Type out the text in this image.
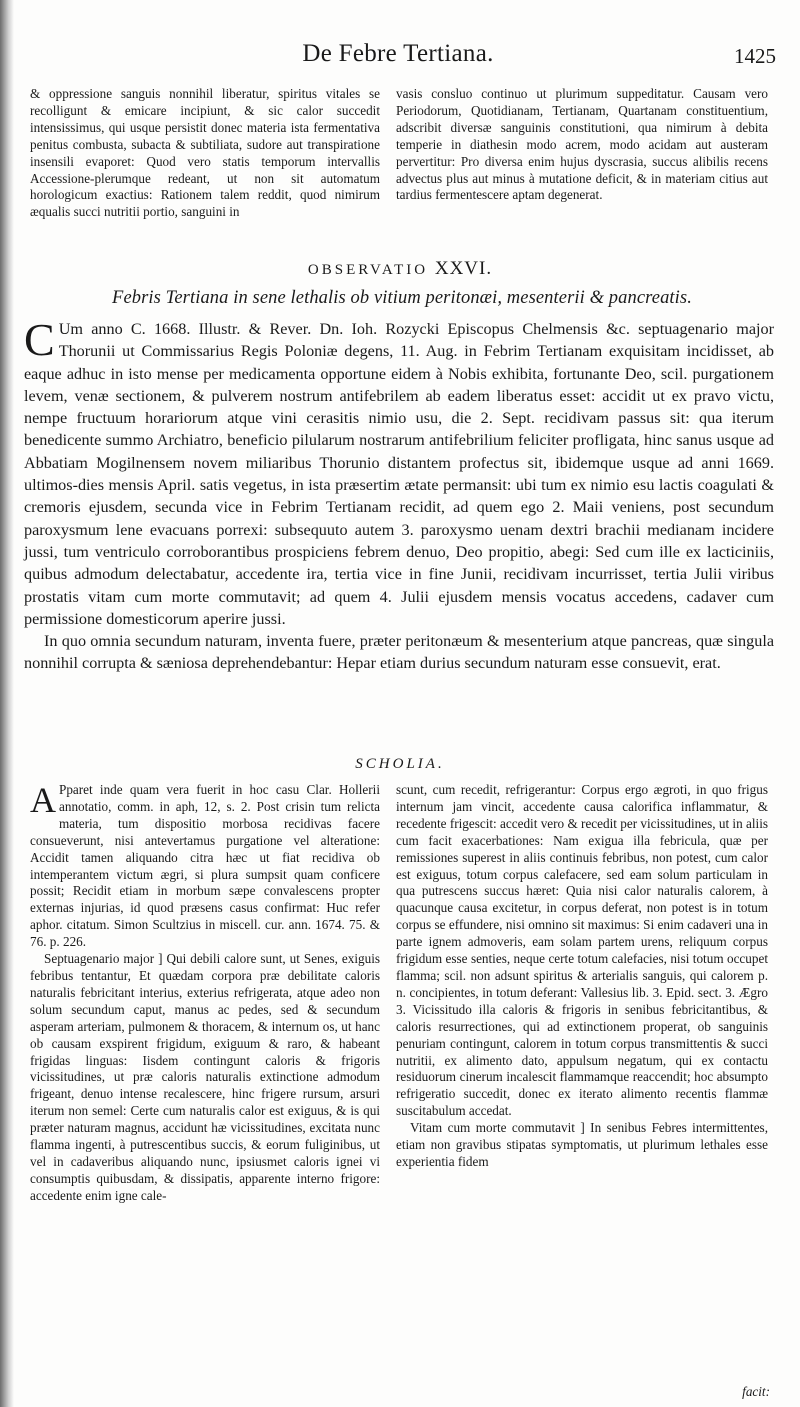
De Febre Tertiana.	1425

& oppressione sanguis nonnihil liberatur, spiritus vitales se recolligunt & emicare incipiunt, & sic calor succedit intensissimus, qui usque persistit donec materia ista fermentativa penitus combusta, subacta & subtiliata, sudore aut transpiratione insensili evaporet: Quod vero statis temporum intervallis Accessione-plerumque redeant, ut non sit automatum horologicum exactius: Rationem talem reddit, quod nimirum æqualis succi nutritii portio, sanguini in

vasis consluo continuo ut plurimum suppeditatur. Causam vero Periodorum, Quotidianam, Tertianam, Quartanam constituentium, adscribit diversæ sanguinis constitutioni, qua nimirum à debita temperie in diathesin modo acrem, modo acidam aut austeram pervertitur: Pro diversa enim hujus dyscrasia, succus alibilis recens advectus plus aut minus à mutatione deficit, & in materiam citius aut tardius fermentescere aptam degenerat.

OBSERVATIO XXVI.
Febris Tertiana in sene lethalis ob vitium peritonæi, mesenterii & pancreatis.

C Um anno C. 1668. Illustr. & Rever. Dn. Ioh. Rozycki Episcopus Chelmensis &c. septuagenario major Thorunii ut Commissarius Regis Poloniæ degens, 11. Aug. in Febrim Tertianam exquisitam incidisset, ab eaque adhuc in isto mense per medicamenta opportune eidem à Nobis exhibita, fortunante Deo, scil. purgationem levem, venæ sectionem, & pulverem nostrum antifebrilem ab eadem liberatus esset: accidit ut ex pravo victu, nempe fructuum horariorum atque vini cerasitis nimio usu, die 2. Sept. recidivam passus sit: qua iterum benedicente summo Archiatro, beneficio pilularum nostrarum antifebrilium feliciter profligata, hinc sanus usque ad Abbatiam Mogilnensem novem miliaribus Thorunio distantem profectus sit, ibidemque usque ad anni 1669. ultimos-dies mensis April. satis vegetus, in ista præsertim ætate permansit: ubi tum ex nimio esu lactis coagulati & cremoris ejusdem, secunda vice in Febrim Tertianam recidit, ad quem ego 2. Maii veniens, post secundum paroxysmum lene evacuans porrexi: subsequuto autem 3. paroxysmo uenam dextri brachii medianam incidere jussi, tum ventriculo corroborantibus prospiciens febrem denuo, Deo propitio, abegi: Sed cum ille ex lacticiniis, quibus admodum delectabatur, accedente ira, tertia vice in fine Junii, recidivam incurrisset, tertia Julii viribus prostatis vitam cum morte commutavit; ad quem 4. Julii ejusdem mensis vocatus accedens, cadaver cum permissione domesticorum aperire jussi.

In quo omnia secundum naturam, inventa fuere, præter peritonæum & mesenterium atque pancreas, quæ singula nonnihil corrupta & sæniosa deprehendebantur: Hepar etiam durius secundum naturam esse consuevit, erat.

SCHOLIA.

A Pparet inde quam vera fuerit in hoc casu Clar. Hollerii annotatio, comm. in aph, 12, s. 2. Post crisin tum relicta materia, tum dispositio morbosa recidivas facere consueverunt, nisi antevertamus purgatione vel alteratione: Accidit tamen aliquando citra hæc ut fiat recidiva ob intemperantem victum ægri, si plura sumpsit quam conficere possit; Recidit etiam in morbum sæpe convalescens propter externas injurias, id quod præsens casus confirmat: Huc refer aphor. citatum. Simon Scultzius in miscell. cur. ann. 1674. 75. & 76. p. 226.

Septuagenario major ] Qui debili calore sunt, ut Senes, exiguis febribus tentantur, Et quædam corpora præ debilitate caloris naturalis febricitant interius, exterius refrigerata, atque adeo non solum secundum caput, manus ac pedes, sed & secundum asperam arteriam, pulmonem & thoracem, & internum os, ut hanc ob causam exspirent frigidum, exiguum & raro, & habeant frigidas linguas: Iisdem contingunt caloris & frigoris vicissitudines, ut præ caloris naturalis extinctione admodum frigeant, denuo intense recalescere, hinc frigere rursum, arsuri iterum non semel: Certe cum naturalis calor est exiguus, & is qui præter naturam magnus, accidunt hæ vicissitudines, excitata nunc flamma ingenti, à putrescentibus succis, & eorum fuliginibus, ut vel in cadaveribus aliquando nunc, ipsiusmet caloris ignei vi consumptis quibusdam, & dissipatis, apparente interno frigore: accedente enim igne cale-

scunt, cum recedit, refrigerantur: Corpus ergo ægroti, in quo frigus internum jam vincit, accedente causa calorifica inflammatur, & recedente frigescit: accedit vero & recedit per vicissitudines, ut in aliis cum facit exacerbationes: Nam exigua illa febricula, quæ per remissiones superest in aliis continuis febribus, non potest, cum calor est exiguus, totum corpus calefacere, sed eam solum particulam in qua putrescens succus hæret: Quia nisi calor naturalis calorem, à quacunque causa excitetur, in corpus deferat, non potest is in totum corpus se effundere, nisi omnino sit maximus: Si enim cadaveri una in parte ignem admoveris, eam solam partem urens, reliquum corpus frigidum esse senties, neque certe totum calefacies, nisi totum occupet flamma; scil. non adsunt spiritus & arterialis sanguis, qui calorem p. n. concipientes, in totum deferant: Vallesius lib. 3. Epid. sect. 3. Ægro 3. Vicissitudo illa caloris & frigoris in senibus febricitantibus, & caloris resurrectiones, qui ad extinctionem properat, ob sanguinis penuriam contingunt, calorem in totum corpus transmittentis & succi nutritii, ex alimento dato, appulsum negatum, qui ex contactu residuorum cinerum incalescit flammamque reaccendit; hoc absumpto refrigeratio succedit, donec ex iterato alimento recentis flammæ suscitabulum accedat.

Vitam cum morte commutavit ] In senibus Febres intermittentes, etiam non gravibus stipatas symptomatis, ut plurimum lethales esse experientia fidem

facit:
